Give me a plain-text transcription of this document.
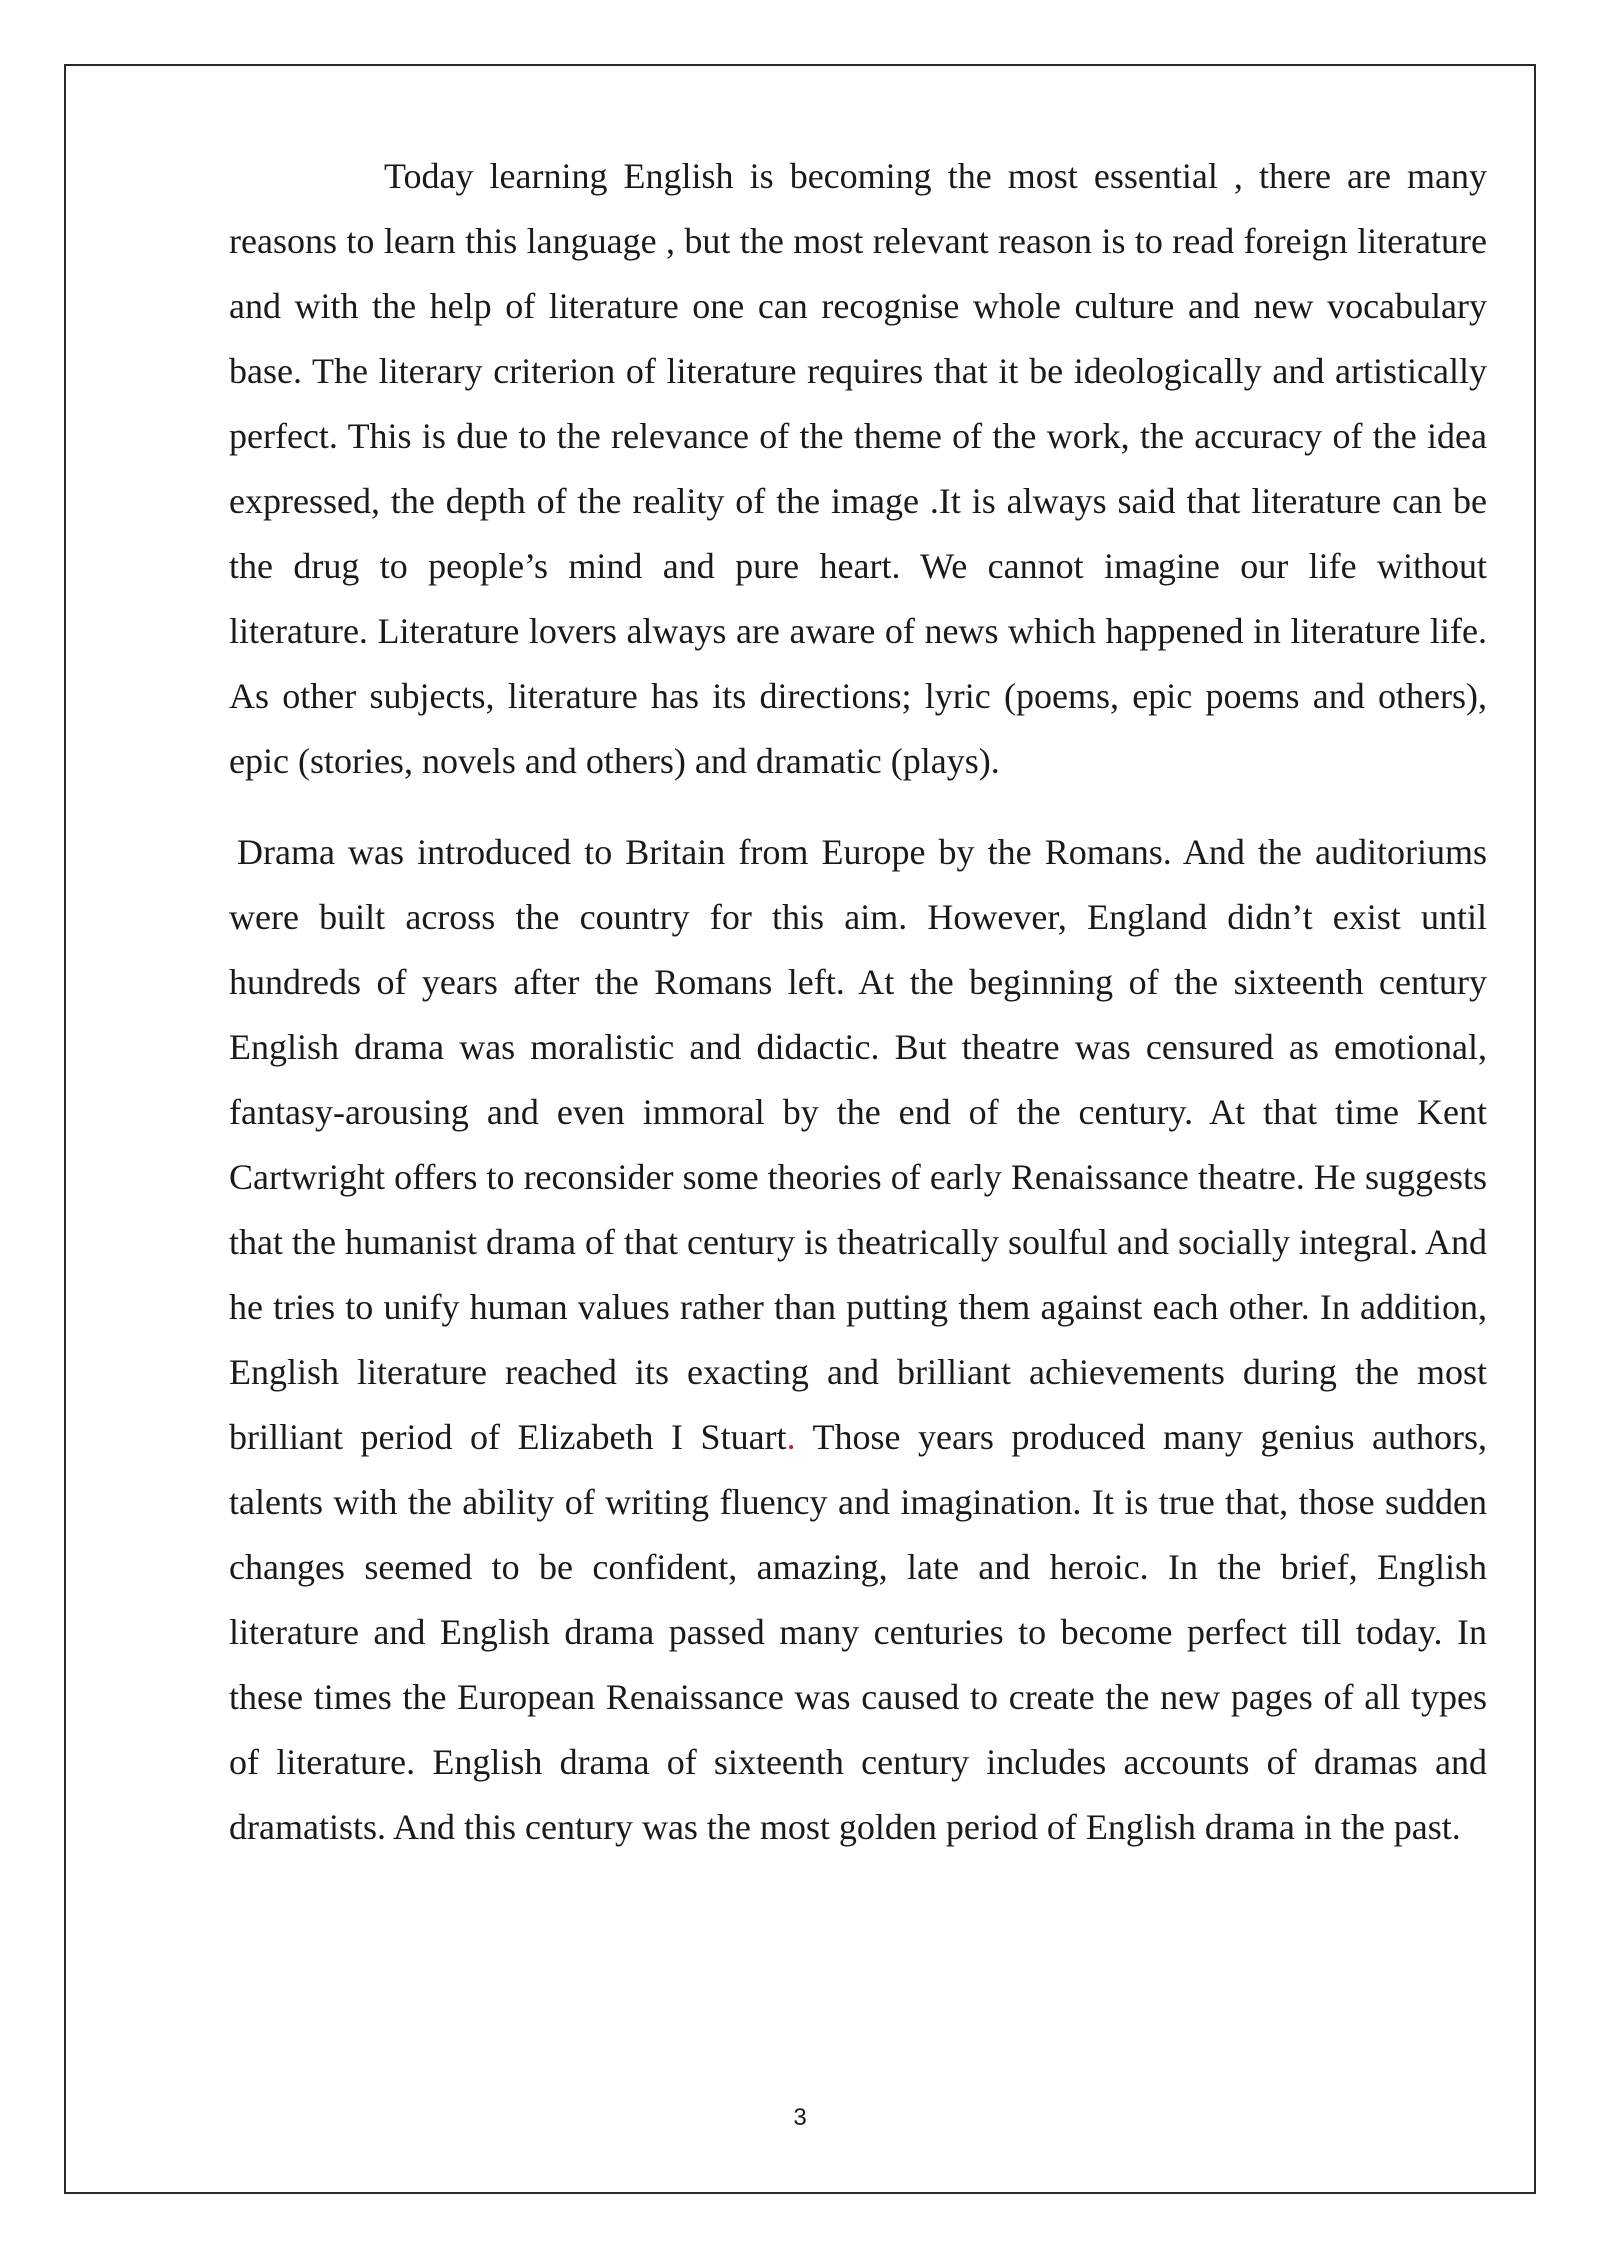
Today learning English is becoming the most essential , there are many reasons to learn this language , but the most relevant reason is to read foreign literature and with the help of literature one can recognise whole culture and new vocabulary base. The literary criterion of literature requires that it be ideologically and artistically perfect. This is due to the relevance of the theme of the work, the accuracy of the idea expressed, the depth of the reality of the image .It is always said that literature can be the drug to people’s mind and pure heart. We cannot imagine our life without literature. Literature lovers always are aware of news which happened in literature life. As other subjects, literature has its directions; lyric (poems, epic poems and others), epic (stories, novels and others) and dramatic (plays).

Drama was introduced to Britain from Europe by the Romans. And the auditoriums were built across the country for this aim. However, England didn’t exist until hundreds of years after the Romans left. At the beginning of the sixteenth century English drama was moralistic and didactic. But theatre was censured as emotional, fantasy-arousing and even immoral by the end of the century. At that time Kent Cartwright offers to reconsider some theories of early Renaissance theatre. He suggests that the humanist drama of that century is theatrically soulful and socially integral. And he tries to unify human values rather than putting them against each other. In addition, English literature reached its exacting and brilliant achievements during the most brilliant period of Elizabeth I Stuart. Those years produced many genius authors, talents with the ability of writing fluency and imagination. It is true that, those sudden changes seemed to be confident, amazing, late and heroic. In the brief, English literature and English drama passed many centuries to become perfect till today. In these times the European Renaissance was caused to create the new pages of all types of literature. English drama of sixteenth century includes accounts of dramas and dramatists. And this century was the most golden period of English drama in the past.

3
